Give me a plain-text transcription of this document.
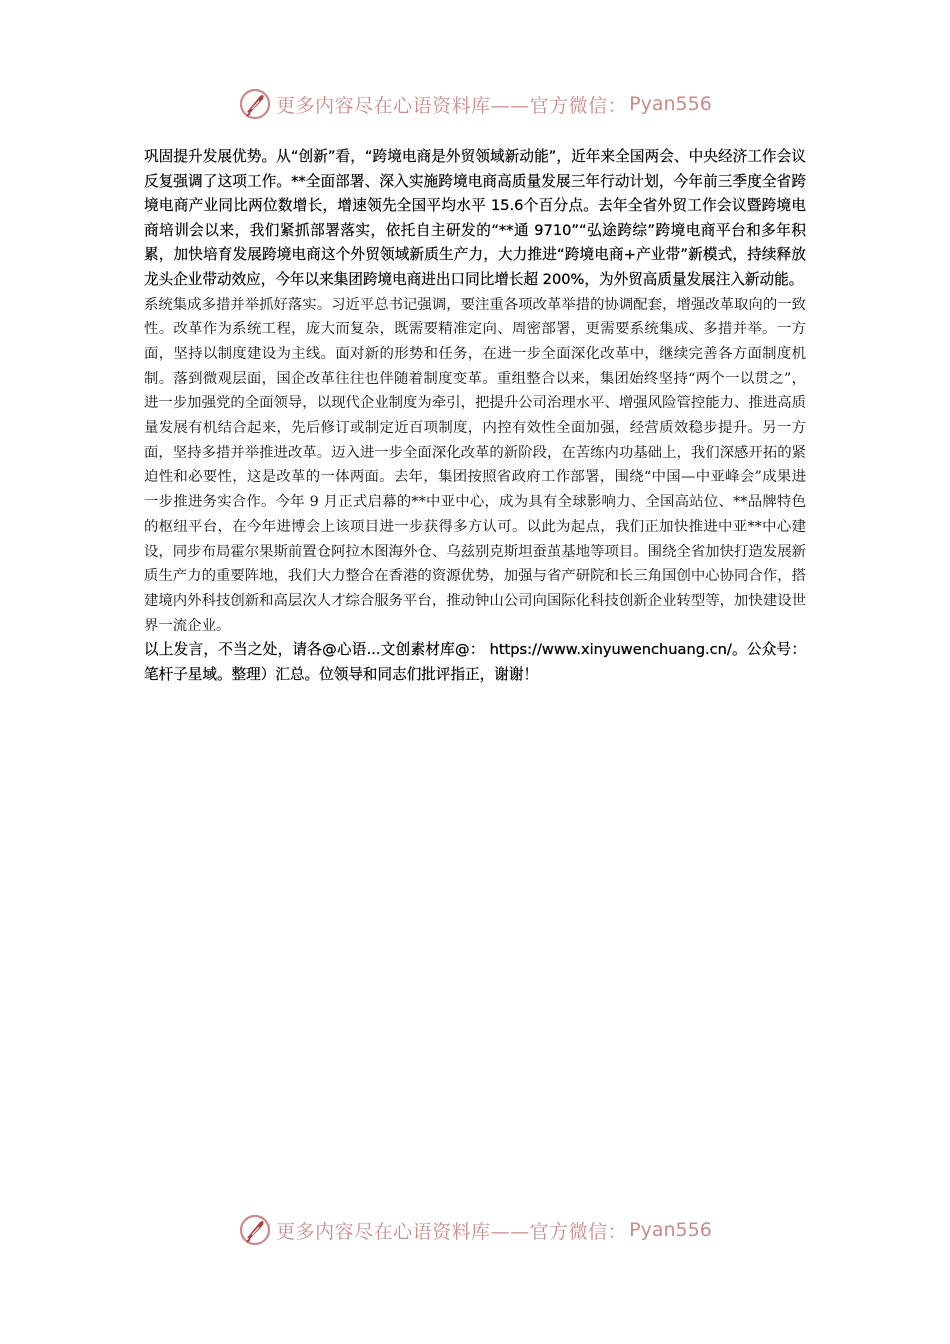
更多内容尽在心语资料库——官方微信： Pyan556

巩固提升发展优势。从“创新”看，“跨境电商是外贸领域新动能”，近年来全国两会、中央经济工作会议反复强调了这项工作。**全面部署、深入实施跨境电商高质量发展三年行动计划，今年前三季度全省跨境电商产业同比两位数增长，增速领先全国平均水平 15.6个百分点。去年全省外贸工作会议暨跨境电商培训会以来，我们紧抓部署落实，依托自主研发的“**通 9710”“弘途跨综”跨境电商平台和多年积累，加快培育发展跨境电商这个外贸领域新质生产力，大力推进“跨境电商+产业带”新模式，持续释放龙头企业带动效应，今年以来集团跨境电商进出口同比增长超 200%，为外贸高质量发展注入新动能。

系统集成多措并举抓好落实。习近平总书记强调，要注重各项改革举措的协调配套，增强改革取向的一致性。改革作为系统工程，庞大而复杂，既需要精准定向、周密部署，更需要系统集成、多措并举。一方面，坚持以制度建设为主线。面对新的形势和任务，在进一步全面深化改革中，继续完善各方面制度机制。落到微观层面，国企改革往往也伴随着制度变革。重组整合以来，集团始终坚持“两个一以贯之”，进一步加强党的全面领导，以现代企业制度为牵引，把提升公司治理水平、增强风险管控能力、推进高质量发展有机结合起来，先后修订或制定近百项制度，内控有效性全面加强，经营质效稳步提升。另一方面，坚持多措并举推进改革。迈入进一步全面深化改革的新阶段，在苦练内功基础上，我们深感开拓的紧迫性和必要性，这是改革的一体两面。去年，集团按照省政府工作部署，围绕“中国—中亚峰会”成果进一步推进务实合作。今年 9 月正式启幕的**中亚中心，成为具有全球影响力、全国高站位、**品牌特色的枢纽平台，在今年进博会上该项目进一步获得多方认可。以此为起点，我们正加快推进中亚**中心建设，同步布局霍尔果斯前置仓阿拉木图海外仓、乌兹别克斯坦蚕茧基地等项目。围绕全省加快打造发展新质生产力的重要阵地，我们大力整合在香港的资源优势，加强与省产研院和长三角国创中心协同合作，搭建境内外科技创新和高层次人才综合服务平台，推动钟山公司向国际化科技创新企业转型等，加快建设世界一流企业。

以上发言，不当之处，请各@心语...文创素材库@： https://www.xinyuwenchuang.cn/。公众号：笔杆子星域。整理）汇总。位领导和同志们批评指正，谢谢！

更多内容尽在心语资料库——官方微信： Pyan556
